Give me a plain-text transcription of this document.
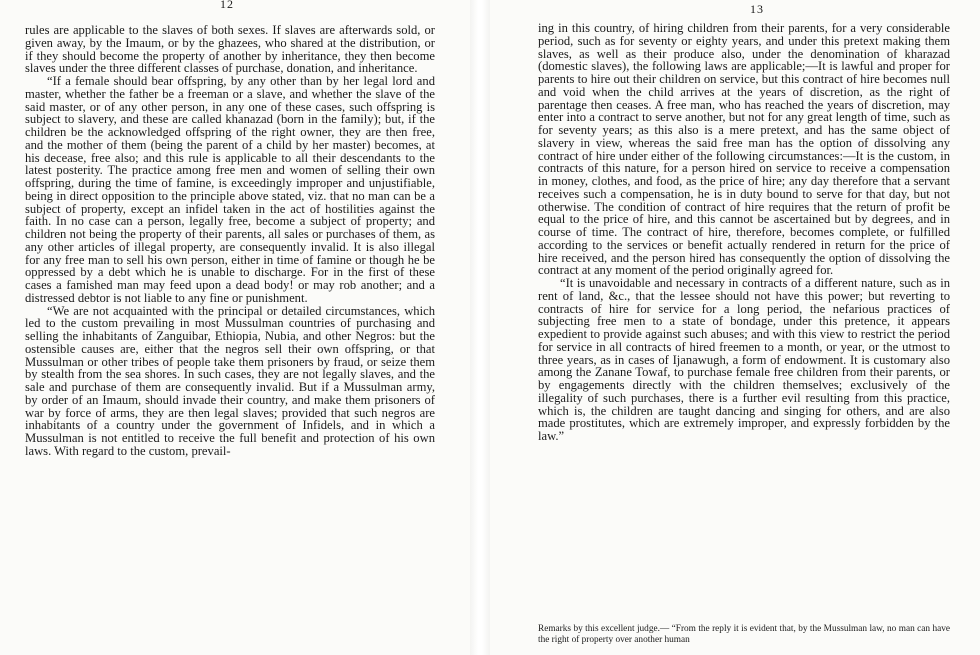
12

rules are applicable to the slaves of both sexes. If slaves are afterwards sold, or given away, by the Imaum, or by the ghazees, who shared at the distribution, or if they should become the property of another by inheritance, they then become slaves under the three different classes of purchase, donation, and inheritance.

“If a female should bear offspring, by any other than by her legal lord and master, whether the father be a freeman or a slave, and whether the slave of the said master, or of any other person, in any one of these cases, such offspring is subject to slavery, and these are called khanazad (born in the family); but, if the children be the acknowledged offspring of the right owner, they are then free, and the mother of them (being the parent of a child by her master) becomes, at his decease, free also; and this rule is applicable to all their descendants to the latest posterity. The practice among free men and women of selling their own offspring, during the time of famine, is exceedingly improper and unjustifiable, being in direct opposition to the principle above stated, viz. that no man can be a subject of property, except an infidel taken in the act of hostilities against the faith. In no case can a person, legally free, become a subject of property; and children not being the property of their parents, all sales or purchases of them, as any other articles of illegal property, are consequently invalid. It is also illegal for any free man to sell his own person, either in time of famine or though he be oppressed by a debt which he is unable to discharge. For in the first of these cases a famished man may feed upon a dead body! or may rob another; and a distressed debtor is not liable to any fine or punishment.

“We are not acquainted with the principal or detailed circumstances, which led to the custom prevailing in most Mussulman countries of purchasing and selling the inhabitants of Zanguibar, Ethiopia, Nubia, and other Negros: but the ostensible causes are, either that the negros sell their own offspring, or that Mussulman or other tribes of people take them prisoners by fraud, or seize them by stealth from the sea shores. In such cases, they are not legally slaves, and the sale and purchase of them are consequently invalid. But if a Mussulman army, by order of an Imaum, should invade their country, and make them prisoners of war by force of arms, they are then legal slaves; provided that such negros are inhabitants of a country under the government of Infidels, and in which a Mussulman is not entitled to receive the full benefit and protection of his own laws. With regard to the custom, prevail-

13

ing in this country, of hiring children from their parents, for a very considerable period, such as for seventy or eighty years, and under this pretext making them slaves, as well as their produce also, under the denomination of kharazad (domestic slaves), the following laws are applicable;—It is lawful and proper for parents to hire out their children on service, but this contract of hire becomes null and void when the child arrives at the years of discretion, as the right of parentage then ceases. A free man, who has reached the years of discretion, may enter into a contract to serve another, but not for any great length of time, such as for seventy years; as this also is a mere pretext, and has the same object of slavery in view, whereas the said free man has the option of dissolving any contract of hire under either of the following circumstances:—It is the custom, in contracts of this nature, for a person hired on service to receive a compensation in money, clothes, and food, as the price of hire; any day therefore that a servant receives such a compensation, he is in duty bound to serve for that day, but not otherwise. The condition of contract of hire requires that the return of profit be equal to the price of hire, and this cannot be ascertained but by degrees, and in course of time. The contract of hire, therefore, becomes complete, or fulfilled according to the services or benefit actually rendered in return for the price of hire received, and the person hired has consequently the option of dissolving the contract at any moment of the period originally agreed for.

“It is unavoidable and necessary in contracts of a different nature, such as in rent of land, &c., that the lessee should not have this power; but reverting to contracts of hire for service for a long period, the nefarious practices of subjecting free men to a state of bondage, under this pretence, it appears expedient to provide against such abuses; and with this view to restrict the period for service in all contracts of hired freemen to a month, or year, or the utmost to three years, as in cases of Ijanawugh, a form of endowment. It is customary also among the Zanane Towaf, to purchase female free children from their parents, or by engagements directly with the children themselves; exclusively of the illegality of such purchases, there is a further evil resulting from this practice, which is, the children are taught dancing and singing for others, and are also made prostitutes, which are extremely improper, and expressly forbidden by the law.”

Remarks by this excellent judge.— “From the reply it is evident that, by the Mussulman law, no man can have the right of property over another human
